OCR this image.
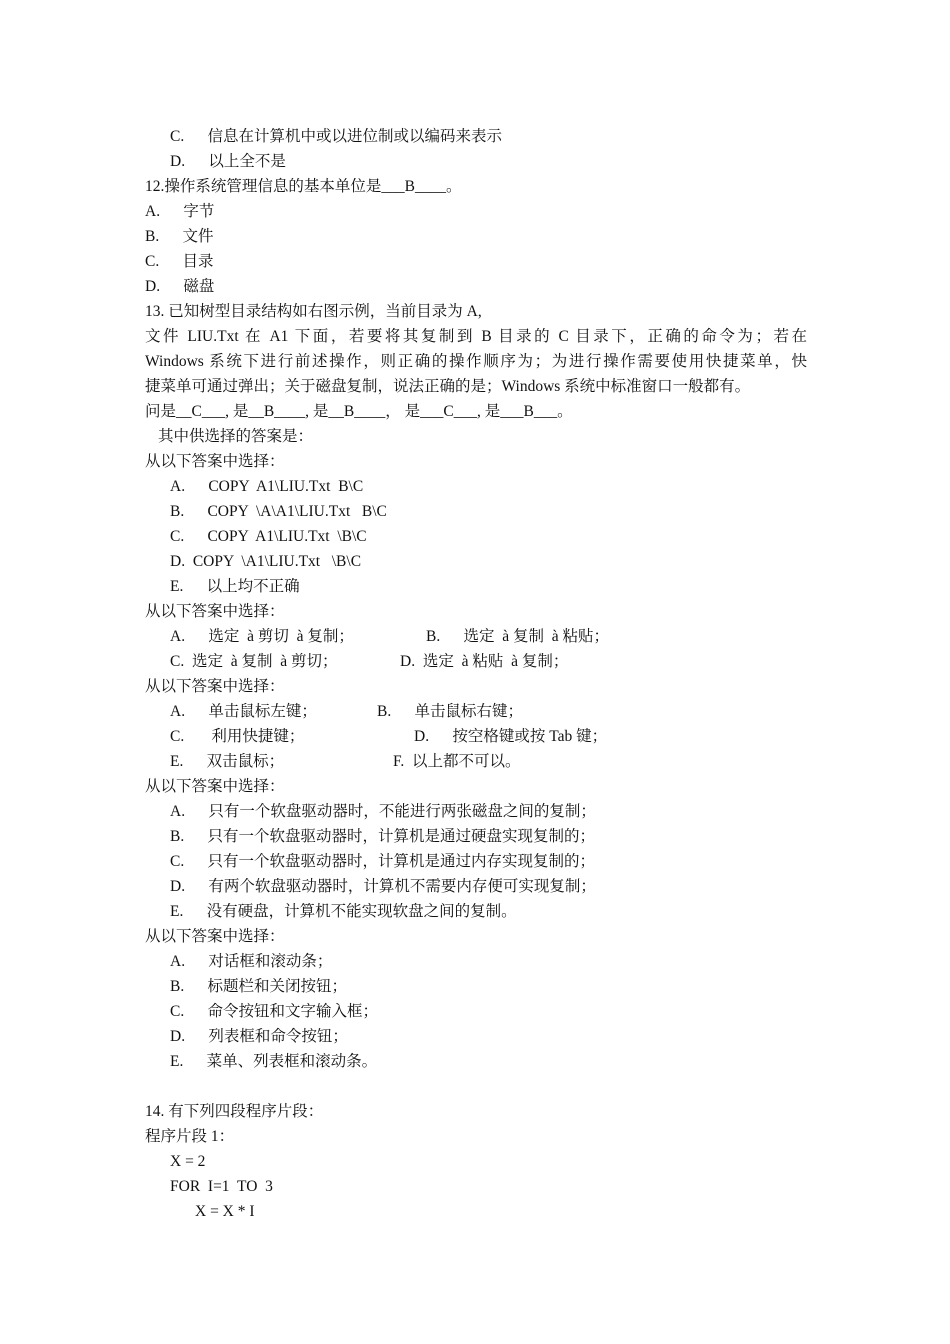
C.      信息在计算机中或以进位制或以编码来表示
D.      以上全不是
12.操作系统管理信息的基本单位是___B____。
A.      字节
B.      文件
C.      目录
D.      磁盘
13. 已知树型目录结构如右图示例，当前目录为 A,
文件 LIU.Txt 在 A1 下面，若要将其复制到 B 目录的 C 目录下，正确的命令为；若在
Windows 系统下进行前述操作，则正确的操作顺序为；为进行操作需要使用快捷菜单，快
捷菜单可通过弹出；关于磁盘复制，说法正确的是；Windows 系统中标准窗口一般都有。
问是__C___, 是__B____, 是__B____， 是___C___, 是___B___。
其中供选择的答案是：
从以下答案中选择：
A.      COPY  A1\LIU.Txt  B\C
B.      COPY  \A\A1\LIU.Txt   B\C
C.      COPY  A1\LIU.Txt  \B\C
D.  COPY  \A1\LIU.Txt   \B\C
E.      以上均不正确
从以下答案中选择：
A.      选定  à 剪切  à 复制；	B.      选定  à 复制  à 粘贴；
C.  选定  à 复制  à 剪切；	D.  选定  à 粘贴  à 复制；
从以下答案中选择：
A.      单击鼠标左键；	B.      单击鼠标右键；
C.       利用快捷键；	D.      按空格键或按 Tab 键；
E.      双击鼠标；	F.  以上都不可以。
从以下答案中选择：
A.      只有一个软盘驱动器时，不能进行两张磁盘之间的复制；
B.      只有一个软盘驱动器时，计算机是通过硬盘实现复制的；
C.      只有一个软盘驱动器时，计算机是通过内存实现复制的；
D.      有两个软盘驱动器时，计算机不需要内存便可实现复制；
E.      没有硬盘，计算机不能实现软盘之间的复制。
从以下答案中选择：
A.      对话框和滚动条；
B.      标题栏和关闭按钮；
C.      命令按钮和文字输入框；
D.      列表框和命令按钮；
E.      菜单、列表框和滚动条。
14. 有下列四段程序片段：
程序片段 1：
X = 2
FOR  I=1  TO  3
X = X * I
